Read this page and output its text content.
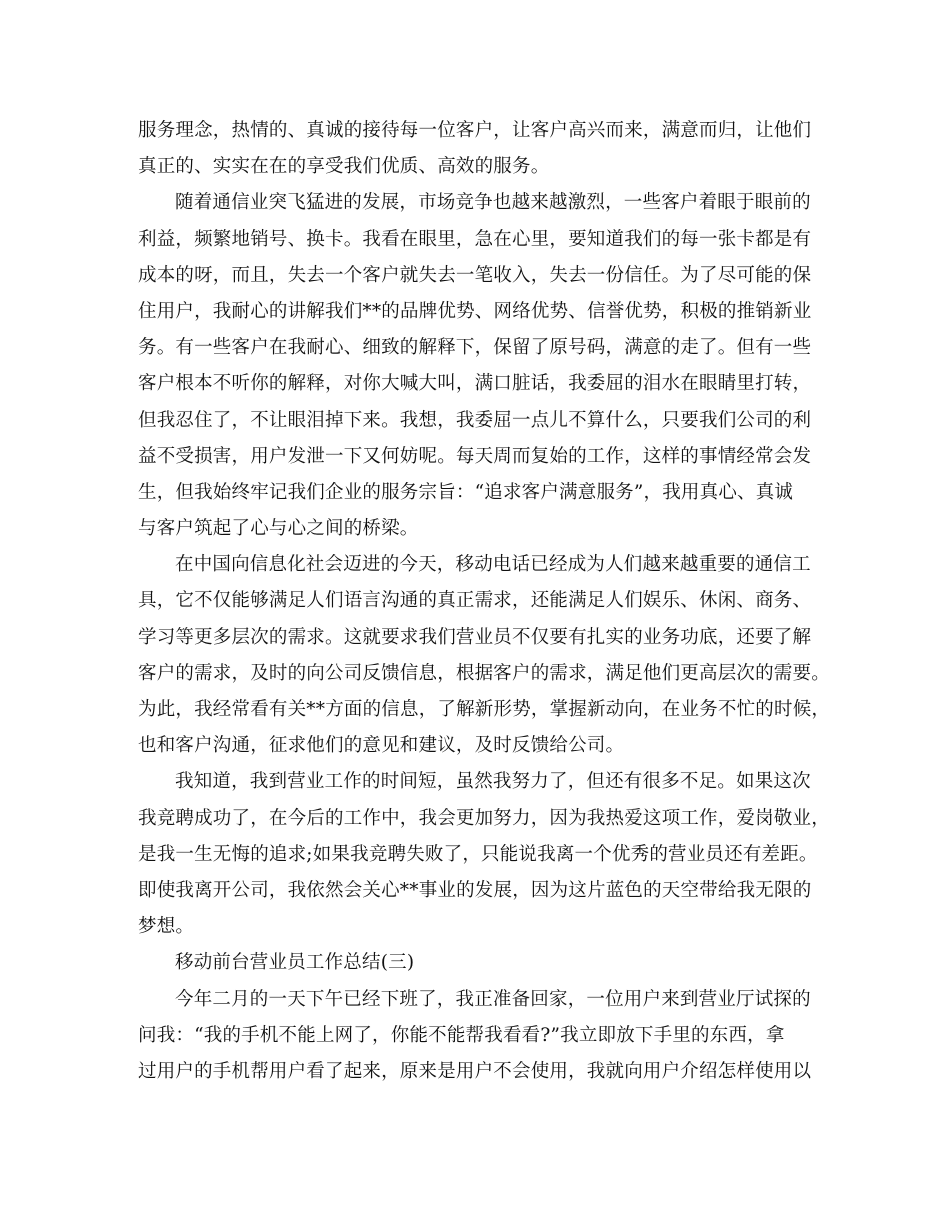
服务理念，热情的、真诚的接待每一位客户，让客户高兴而来，满意而归，让他们
真正的、实实在在的享受我们优质、高效的服务。
随着通信业突飞猛进的发展，市场竞争也越来越激烈，一些客户着眼于眼前的
利益，频繁地销号、换卡。我看在眼里，急在心里，要知道我们的每一张卡都是有
成本的呀，而且，失去一个客户就失去一笔收入，失去一份信任。为了尽可能的保
住用户，我耐心的讲解我们**的品牌优势、网络优势、信誉优势，积极的推销新业
务。有一些客户在我耐心、细致的解释下，保留了原号码，满意的走了。但有一些
客户根本不听你的解释，对你大喊大叫，满口脏话，我委屈的泪水在眼睛里打转，
但我忍住了，不让眼泪掉下来。我想，我委屈一点儿不算什么，只要我们公司的利
益不受损害，用户发泄一下又何妨呢。每天周而复始的工作，这样的事情经常会发
生，但我始终牢记我们企业的服务宗旨：“追求客户满意服务”，我用真心、真诚
与客户筑起了心与心之间的桥梁。
在中国向信息化社会迈进的今天，移动电话已经成为人们越来越重要的通信工
具，它不仅能够满足人们语言沟通的真正需求，还能满足人们娱乐、休闲、商务、
学习等更多层次的需求。这就要求我们营业员不仅要有扎实的业务功底，还要了解
客户的需求，及时的向公司反馈信息，根据客户的需求，满足他们更高层次的需要。
为此，我经常看有关**方面的信息，了解新形势，掌握新动向，在业务不忙的时候，
也和客户沟通，征求他们的意见和建议，及时反馈给公司。
我知道，我到营业工作的时间短，虽然我努力了，但还有很多不足。如果这次
我竞聘成功了，在今后的工作中，我会更加努力，因为我热爱这项工作，爱岗敬业，
是我一生无悔的追求;如果我竞聘失败了，只能说我离一个优秀的营业员还有差距。
即使我离开公司，我依然会关心**事业的发展，因为这片蓝色的天空带给我无限的
梦想。
移动前台营业员工作总结(三)
今年二月的一天下午已经下班了，我正准备回家，一位用户来到营业厅试探的
问我：“我的手机不能上网了，你能不能帮我看看?”我立即放下手里的东西，拿
过用户的手机帮用户看了起来，原来是用户不会使用，我就向用户介绍怎样使用以
